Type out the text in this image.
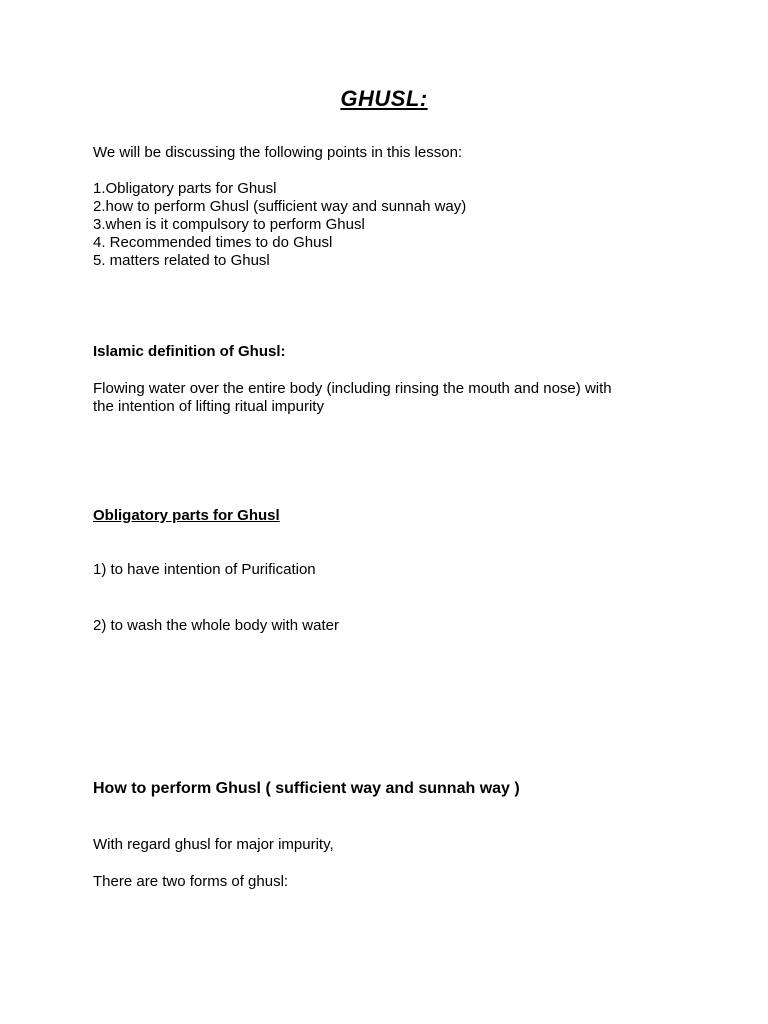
GHUSL:

We will be discussing the following points in this lesson:

1.Obligatory parts for Ghusl
2.how to perform Ghusl (sufficient way and sunnah way)
3.when is it compulsory to perform Ghusl
4. Recommended times to do Ghusl
5. matters related to Ghusl

Islamic definition of Ghusl:

Flowing water over the entire body (including rinsing the mouth and nose) with

the intention of lifting ritual impurity

Obligatory parts for Ghusl

1) to have intention of Purification

2) to wash the whole body with water

How to perform Ghusl ( sufficient way and sunnah way )

With regard ghusl for major impurity,

There are two forms of ghusl:
